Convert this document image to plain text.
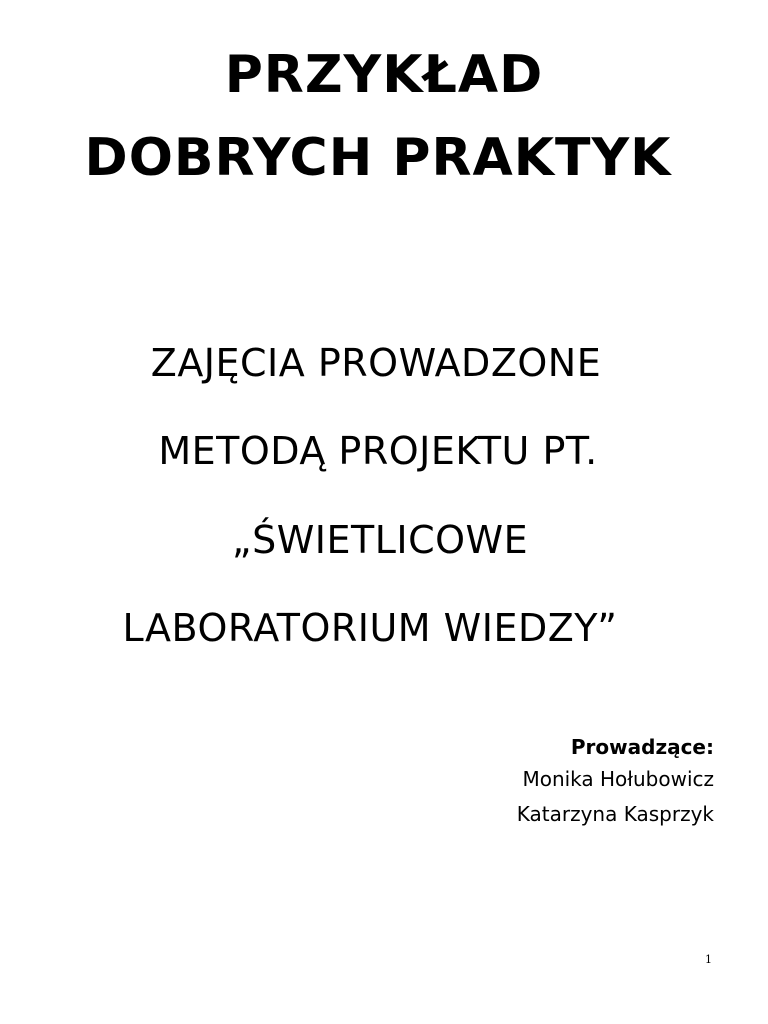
PRZYKŁAD
DOBRYCH PRAKTYK
ZAJĘCIA PROWADZONE
METODĄ PROJEKTU PT.
„ŚWIETLICOWE
LABORATORIUM WIEDZY”
Prowadzące:
Monika Hołubowicz
Katarzyna Kasprzyk
1
